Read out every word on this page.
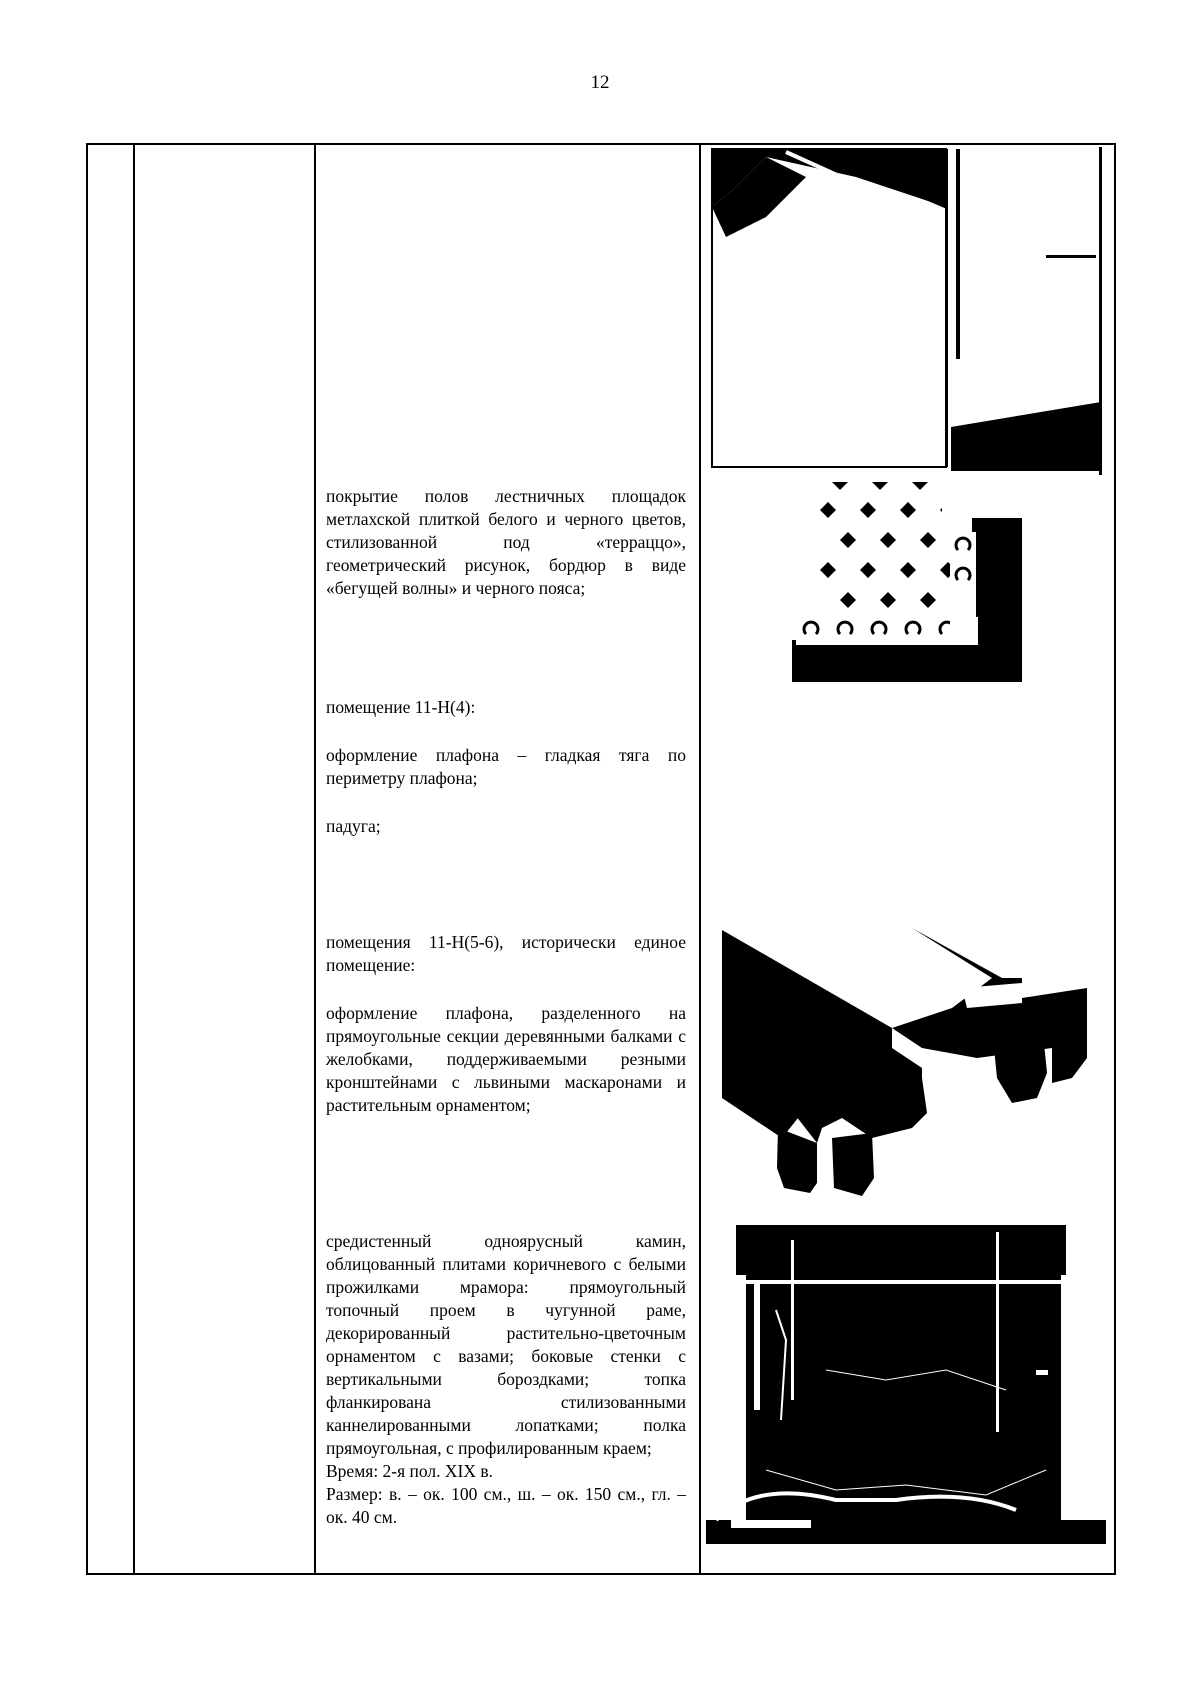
12

покрытие полов лестничных площадок метлахской плиткой белого и черного цветов, стилизованной под «терраццо», геометрический рисунок, бордюр в виде «бегущей волны» и черного пояса;

помещение 11-Н(4):

оформление плафона – гладкая тяга по периметру плафона;

падуга;

помещения 11-Н(5-6), исторически единое помещение:

оформление плафона, разделенного на прямоугольные секции деревянными балками с желобками, поддерживаемыми резными кронштейнами с львиными маскаронами и растительным орнаментом;

средистенный одноярусный камин, облицованный плитами коричневого с белыми прожилками мрамора: прямоугольный топочный проем в чугунной раме, декорированный растительно-цветочным орнаментом с вазами; боковые стенки с вертикальными бороздками; топка фланкирована стилизованными каннелированными лопатками; полка прямоугольная, с профилированным краем;

Время: 2-я пол. XIX в.

Размер: в. – ок. 100 см., ш. – ок. 150 см., гл. – ок. 40 см.
